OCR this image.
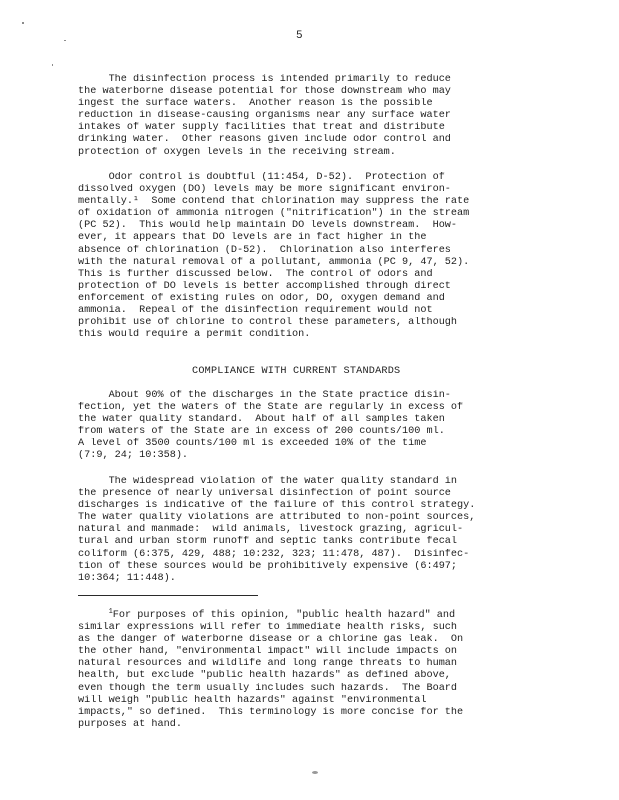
5
The disinfection process is intended primarily to reduce
the waterborne disease potential for those downstream who may
ingest the surface waters.  Another reason is the possible
reduction in disease-causing organisms near any surface water
intakes of water supply facilities that treat and distribute
drinking water.  Other reasons given include odor control and
protection of oxygen levels in the receiving stream.
Odor control is doubtful (11:454, D-52).  Protection of
dissolved oxygen (DO) levels may be more significant environ-
mentally.¹  Some contend that chlorination may suppress the rate
of oxidation of ammonia nitrogen ("nitrification") in the stream
(PC 52).  This would help maintain DO levels downstream.  How-
ever, it appears that DO levels are in fact higher in the
absence of chlorination (D-52).  Chlorination also interferes
with the natural removal of a pollutant, ammonia (PC 9, 47, 52).
This is further discussed below.  The control of odors and
protection of DO levels is better accomplished through direct
enforcement of existing rules on odor, DO, oxygen demand and
ammonia.  Repeal of the disinfection requirement would not
prohibit use of chlorine to control these parameters, although
this would require a permit condition.
COMPLIANCE WITH CURRENT STANDARDS
About 90% of the discharges in the State practice disin-
fection, yet the waters of the State are regularly in excess of
the water quality standard.  About half of all samples taken
from waters of the State are in excess of 200 counts/100 ml.
A level of 3500 counts/100 ml is exceeded 10% of the time
(7:9, 24; 10:358).
The widespread violation of the water quality standard in
the presence of nearly universal disinfection of point source
discharges is indicative of the failure of this control strategy.
The water quality violations are attributed to non-point sources,
natural and manmade:  wild animals, livestock grazing, agricul-
tural and urban storm runoff and septic tanks contribute fecal
coliform (6:375, 429, 488; 10:232, 323; 11:478, 487).  Disinfec-
tion of these sources would be prohibitively expensive (6:497;
10:364; 11:448).
$^1$For purposes of this opinion, "public health hazard" and
similar expressions will refer to immediate health risks, such
as the danger of waterborne disease or a chlorine gas leak.  On
the other hand, "environmental impact" will include impacts on
natural resources and wildlife and long range threats to human
health, but exclude "public health hazards" as defined above,
even though the term usually includes such hazards.  The Board
will weigh "public health hazards" against "environmental
impacts," so defined.  This terminology is more concise for the
purposes at hand.
